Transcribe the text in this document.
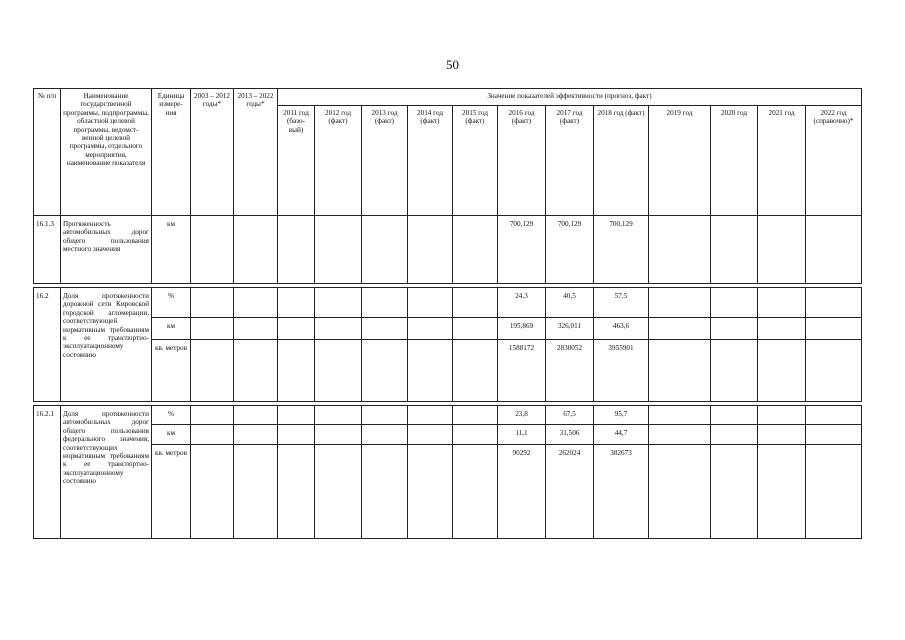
50
№ п/п	Наименование государственной программы, подпрограммы, областной целевой программы, ведомст-венной целевой программы, отдельного мероприятия, наименование показателя	Единица измере-ния	2003 – 2012 годы*	2013 – 2022 годы*	Значение показателей эффективности (прогноз, факт)											
					2011 год (базо-вый)	2012 год (факт)	2013 год (факт)	2014 год (факт)	2015 год (факт)	2016 год (факт)	2017 год (факт)	2018 год (факт)	2019 год	2020 год	2021 год	2022 год (справочно)*
16.1.3	Протяженность автомобильных дорог общего пользования местного значения	км								700,129	700,129	700,129				

16.2	Доля протяженности дорожной сети Кировской городской агломерации, соответствующей нормативным требованиям к ее транспортно-эксплуатационному состоянию	%								24,3	40,5	57,5				
		км								195,869	326,011	463,6				
		кв. метров								1588172	2830052	3955901				

16.2.1	Доля протяженности автомобильных дорог общего пользования федерального значения, соответствующих нормативным требованиям к ее транспортно-эксплуатационному состоянию	%								23,8	67,5	95,7				
		км								11,1	31,506	44,7				
		кв. метров								90292	262024	382673				
